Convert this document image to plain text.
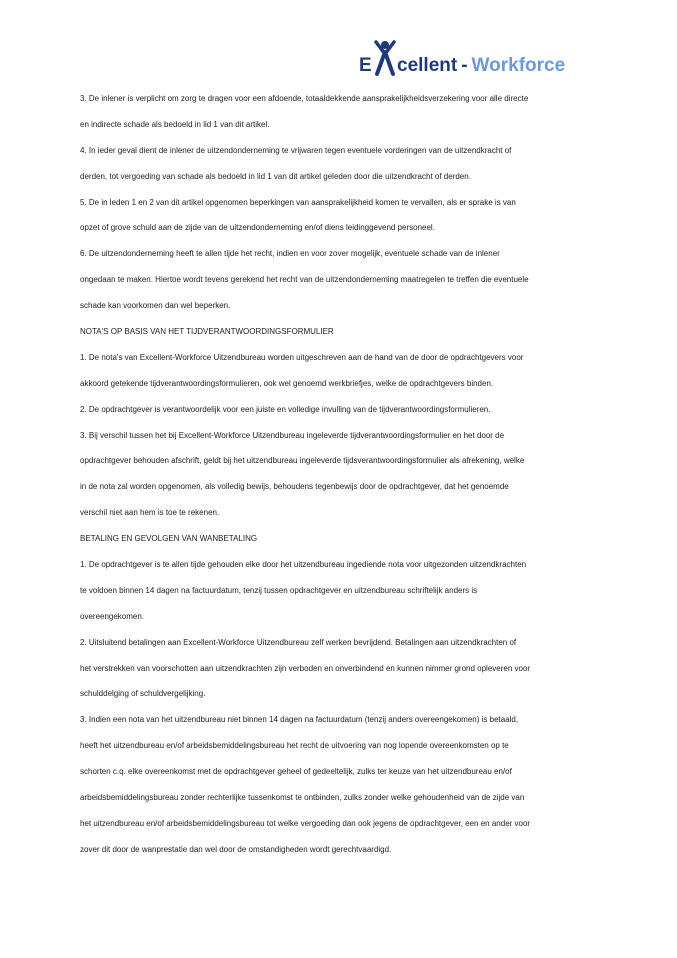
E cellent - Workforce
3. De inlener is verplicht om zorg te dragen voor een afdoende, totaaldekkende aansprakelijkheidsverzekering voor alle directe
en indirecte schade als bedoeld in lid 1 van dit artikel.
4. In ieder geval dient de inlener de uitzendonderneming te vrijwaren tegen eventuele vorderingen van de uitzendkracht of
derden, tot vergoeding van schade als bedoeld in lid 1 van dit artikel geleden door die uitzendkracht of derden.
5. De in leden 1 en 2 van dit artikel opgenomen beperkingen van aansprakelijkheid komen te vervallen, als er sprake is van
opzet of grove schuld aan de zijde van de uitzendonderneming en/of diens leidinggevend personeel.
6. De uitzendonderneming heeft te allen tijde het recht, indien en voor zover mogelijk, eventuele schade van de inlener
ongedaan te maken. Hiertoe wordt tevens gerekend het recht van de uitzendonderneming maatregelen te treffen die eventuele
schade kan voorkomen dan wel beperken.
NOTA'S OP BASIS VAN HET TIJDVERANTWOORDINGSFORMULIER
1. De nota's van Excellent-Workforce Uitzendbureau worden uitgeschreven aan de hand van de door de opdrachtgevers voor
akkoord getekende tijdverantwoordingsformulieren, ook wel genoemd werkbriefjes, welke de opdrachtgevers binden.
2. De opdrachtgever is verantwoordelijk voor een juiste en volledige invulling van de tijdverantwoordingsformulieren.
3. Bij verschil tussen het bij Excellent-Workforce Uitzendbureau ingeleverde tijdverantwoordingsformulier en het door de
opdrachtgever behouden afschrift, geldt bij het uitzendbureau ingeleverde tijdsverantwoordingsformulier als afrekening, welke
in de nota zal worden opgenomen, als volledig bewijs, behoudens tegenbewijs door de opdrachtgever, dat het genoemde
verschil niet aan hem is toe te rekenen.
BETALING EN GEVOLGEN VAN WANBETALING
1. De opdrachtgever is te allen tijde gehouden elke door het uitzendbureau ingediende nota voor uitgezonden uitzendkrachten
te voldoen binnen 14 dagen na factuurdatum, tenzij tussen opdrachtgever en uitzendbureau schriftelijk anders is
overeengekomen.
2. Uitsluitend betalingen aan Excellent-Workforce Uitzendbureau zelf werken bevrijdend. Betalingen aan uitzendkrachten of
het verstrekken van voorschotten aan uitzendkrachten zijn verboden en onverbindend en kunnen nimmer grond opleveren voor
schulddelging of schuldvergelijking.
3. Indien een nota van het uitzendbureau niet binnen 14 dagen na factuurdatum (tenzij anders overeengekomen) is betaald,
heeft het uitzendbureau en/of arbeidsbemiddelingsbureau het recht de uitvoering van nog lopende overeenkomsten op te
schorten c.q. elke overeenkomst met de opdrachtgever geheel of gedeeltelijk, zulks ter keuze van het uitzendbureau en/of
arbeidsbemiddelingsbureau zonder rechterlijke tussenkomst te ontbinden, zulks zonder welke gehoudenheid van de zijde van
het uitzendbureau en/of arbeidsbemiddelingsbureau tot welke vergoeding dan ook jegens de opdrachtgever, een en ander voor
zover dit door de wanprestatie dan wel door de omstandigheden wordt gerechtvaardigd.
